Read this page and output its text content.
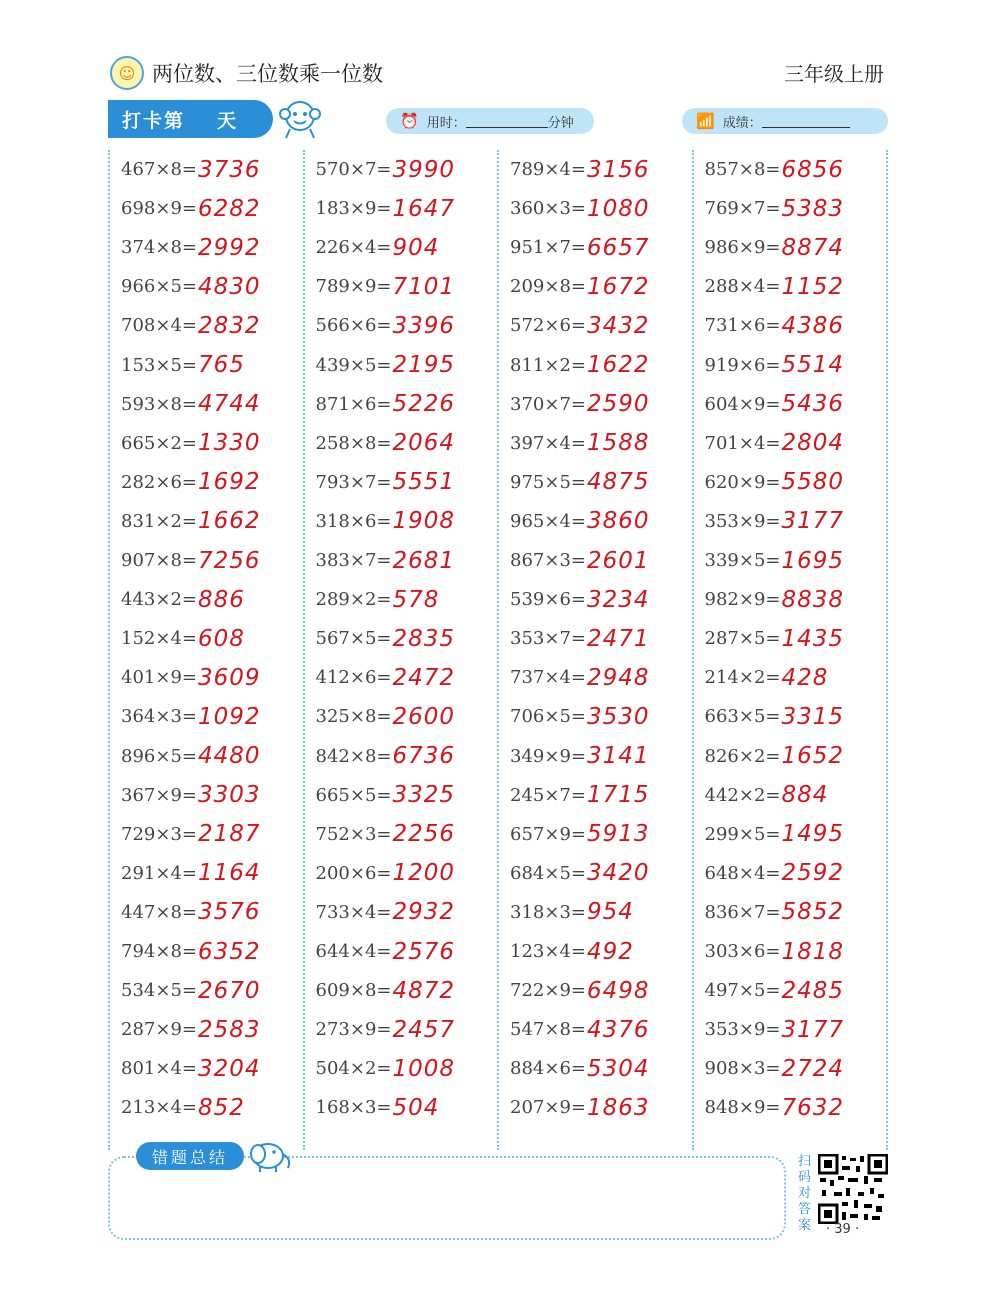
☺ 两位数、三位数乘一位数	三年级上册
打卡第 天	⏰ 用时：	分钟	📶 成绩：
467×8= 3736
698×9= 6282
374×8= 2992
966×5= 4830
708×4= 2832
153×5= 765
593×8= 4744
665×2= 1330
282×6= 1692
831×2= 1662
907×8= 7256
443×2= 886
152×4= 608
401×9= 3609
364×3= 1092
896×5= 4480
367×9= 3303
729×3= 2187
291×4= 1164
447×8= 3576
794×8= 6352
534×5= 2670
287×9= 2583
801×4= 3204
213×4= 852
570×7= 3990
183×9= 1647
226×4= 904
789×9= 7101
566×6= 3396
439×5= 2195
871×6= 5226
258×8= 2064
793×7= 5551
318×6= 1908
383×7= 2681
289×2= 578
567×5= 2835
412×6= 2472
325×8= 2600
842×8= 6736
665×5= 3325
752×3= 2256
200×6= 1200
733×4= 2932
644×4= 2576
609×8= 4872
273×9= 2457
504×2= 1008
168×3= 504
789×4= 3156
360×3= 1080
951×7= 6657
209×8= 1672
572×6= 3432
811×2= 1622
370×7= 2590
397×4= 1588
975×5= 4875
965×4= 3860
867×3= 2601
539×6= 3234
353×7= 2471
737×4= 2948
706×5= 3530
349×9= 3141
245×7= 1715
657×9= 5913
684×5= 3420
318×3= 954
123×4= 492
722×9= 6498
547×8= 4376
884×6= 5304
207×9= 1863
857×8= 6856
769×7= 5383
986×9= 8874
288×4= 1152
731×6= 4386
919×6= 5514
604×9= 5436
701×4= 2804
620×9= 5580
353×9= 3177
339×5= 1695
982×9= 8838
287×5= 1435
214×2= 428
663×5= 3315
826×2= 1652
442×2= 884
299×5= 1495
648×4= 2592
836×7= 5852
303×6= 1818
497×5= 2485
353×9= 3177
908×3= 2724
848×9= 7632
错题总结	扫码对答案 · 39 ·
